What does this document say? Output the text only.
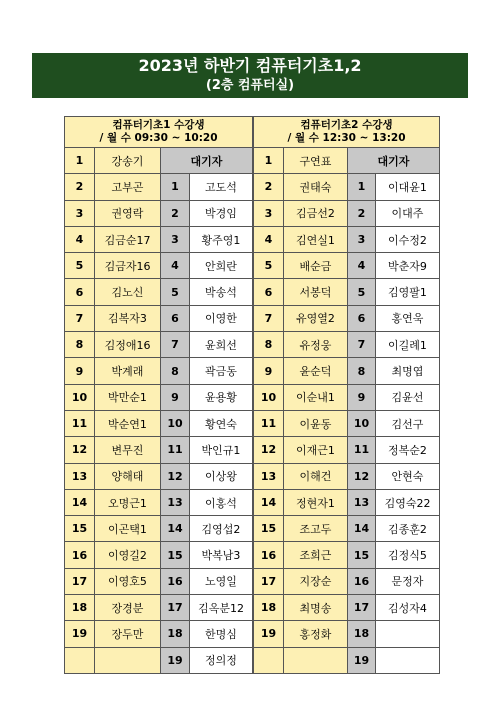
2023년 하반기 컴퓨터기초1,2
(2층 컴퓨터실)
컴퓨터기초1 수강생
/ 월 수 09:30 ~ 10:20			

1	강송기	대기자	
2	고부곤	1	고도석
3	권영락	2	박경임
4	김금순17	3	황주영1
5	김금자16	4	안희란
6	김노신	5	박송석
7	김복자3	6	이영한
8	김정애16	7	윤희선
9	박계래	8	곽금동
10	박만순1	9	윤용황
11	박순연1	10	황연숙
12	변무진	11	박인규1
13	양해태	12	이상왕
14	오명근1	13	이홍석
15	이곤택1	14	김영섭2
16	이영길2	15	박복남3
17	이영호5	16	노영일
18	장경분	17	김옥분12
19	장두만	18	한명심
		19	정의정
컴퓨터기초2 수강생
/ 월 수 12:30 ~ 13:20			

1	구연표	대기자	
2	권태숙	1	이대윤1
3	김금선2	2	이대주
4	김연실1	3	이수정2
5	배순금	4	박춘자9
6	서봉덕	5	김영팔1
7	유영열2	6	홍연욱
8	유정웅	7	이길례1
9	윤순덕	8	최명엽
10	이순내1	9	김윤선
11	이윤동	10	김선구
12	이재근1	11	정복순2
13	이해건	12	안현숙
14	정현자1	13	김영숙22
15	조고두	14	김종훈2
16	조희근	15	김정식5
17	지장순	16	문정자
18	최명송	17	김성자4
19	홍정화	18	
		19	
